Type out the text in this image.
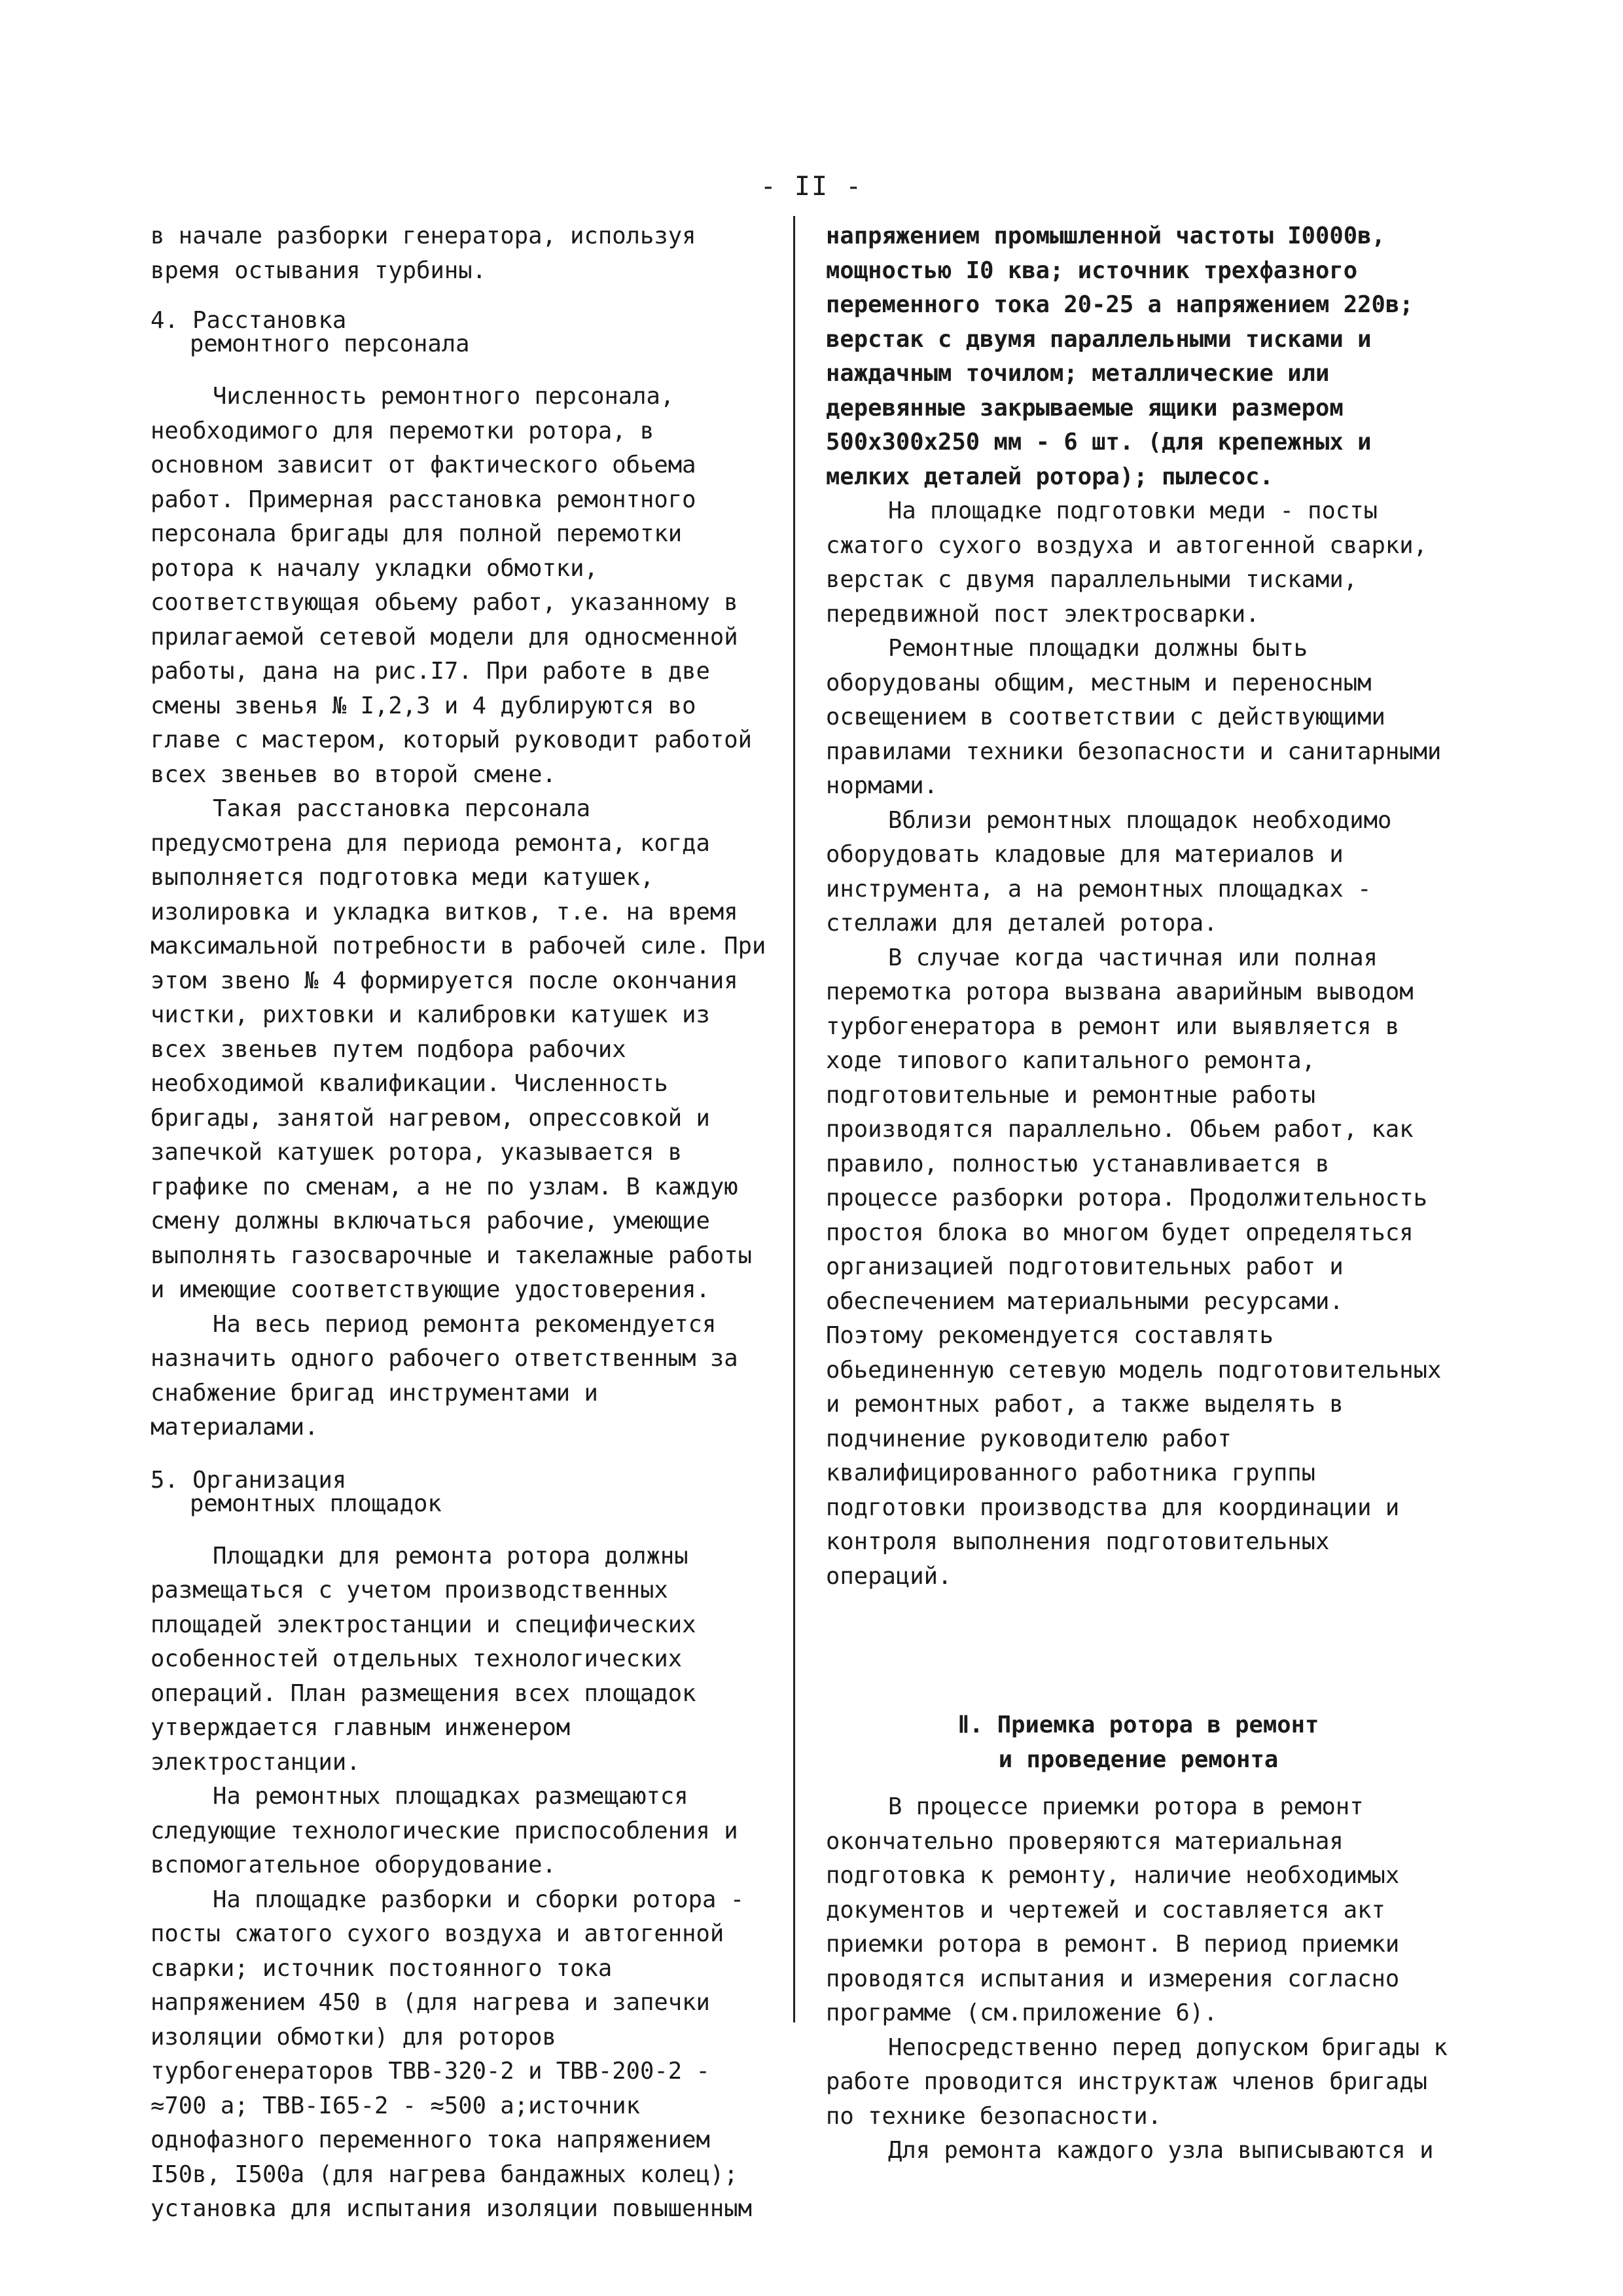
- II -

в начале разборки генератора, используя время остывания турбины.

4. Расстановка
ремонтного персонала

Численность ремонтного персонала, необходимого для перемотки ротора, в основном зависит от фактического обьема работ. Примерная расстановка ремонтного персонала бригады для полной перемотки ротора к началу укладки обмотки, соответствующая обьему работ, указанному в прилагаемой сетевой модели для односменной работы, дана на рис.I7. При работе в две смены звенья № I,2,3 и 4 дублируются во главе с мастером, который руководит работой всех звеньев во второй смене.

Такая расстановка персонала предусмотрена для периода ремонта, когда выполняется подготовка меди катушек, изолировка и укладка витков, т.е. на время максимальной потребности в рабочей силе. При этом звено № 4 формируется после окончания чистки, рихтовки и калибровки катушек из всех звеньев путем подбора рабочих необходимой квалификации. Численность бригады, занятой нагревом, опрессовкой и запечкой катушек ротора, указывается в графике по сменам, а не по узлам. В каждую смену должны включаться рабочие, умеющие выполнять газосварочные и такелажные работы и имеющие соответствующие удостоверения.

На весь период ремонта рекомендуется назначить одного рабочего ответственным за снабжение бригад инструментами и материалами.

5. Организация
ремонтных площадок

Площадки для ремонта ротора должны размещаться с учетом производственных площадей электростанции и специфических особенностей отдельных технологических операций. План размещения всех площадок утверждается главным инженером электростанции.

На ремонтных площадках размещаются следующие технологические приспособления и вспомогательное оборудование.

На площадке разборки и сборки ротора - посты сжатого сухого воздуха и автогенной сварки; источник постоянного тока напряжением 450 в (для нагрева и запечки изоляции обмотки) для роторов турбогенераторов ТВВ-320-2 и ТВВ-200-2 - ≈700 а; ТВВ-I65-2 - ≈500 а;источник однофазного переменного тока напряжением I50в, I500а (для нагрева бандажных колец); установка для испытания изоляции повышенным

напряжением промышленной частоты I0000в, мощностью I0 ква; источник трехфазного переменного тока 20-25 а напряжением 220в; верстак с двумя параллельными тисками и наждачным точилом; металлические или деревянные закрываемые ящики размером 500х300х250 мм - 6 шт. (для крепежных и мелких деталей ротора); пылесос.

На площадке подготовки меди - посты сжатого сухого воздуха и автогенной сварки, верстак с двумя параллельными тисками, передвижной пост электросварки.

Ремонтные площадки должны быть оборудованы общим, местным и переносным освещением в соответствии с действующими правилами техники безопасности и санитарными нормами.

Вблизи ремонтных площадок необходимо оборудовать кладовые для материалов и инструмента, а на ремонтных площадках - стеллажи для деталей ротора.

В случае когда частичная или полная перемотка ротора вызвана аварийным выводом турбогенератора в ремонт или выявляется в ходе типового капитального ремонта, подготовительные и ремонтные работы производятся параллельно. Обьем работ, как правило, полностью устанавливается в процессе разборки ротора. Продолжительность простоя блока во многом будет определяться организацией подготовительных работ и обеспечением материальными ресурсами. Поэтому рекомендуется составлять обьединенную сетевую модель подготовительных и ремонтных работ, а также выделять в подчинение руководителю работ квалифицированного работника группы подготовки производства для координации и контроля выполнения подготовительных операций.

Ⅱ. Приемка ротора в ремонт
и проведение ремонта

В процессе приемки ротора в ремонт окончательно проверяются материальная подготовка к ремонту, наличие необходимых документов и чертежей и составляется акт приемки ротора в ремонт. В период приемки проводятся испытания и измерения согласно программе (см.приложение 6).

Непосредственно перед допуском бригады к работе проводится инструктаж членов бригады по технике безопасности.

Для ремонта каждого узла выписываются и
